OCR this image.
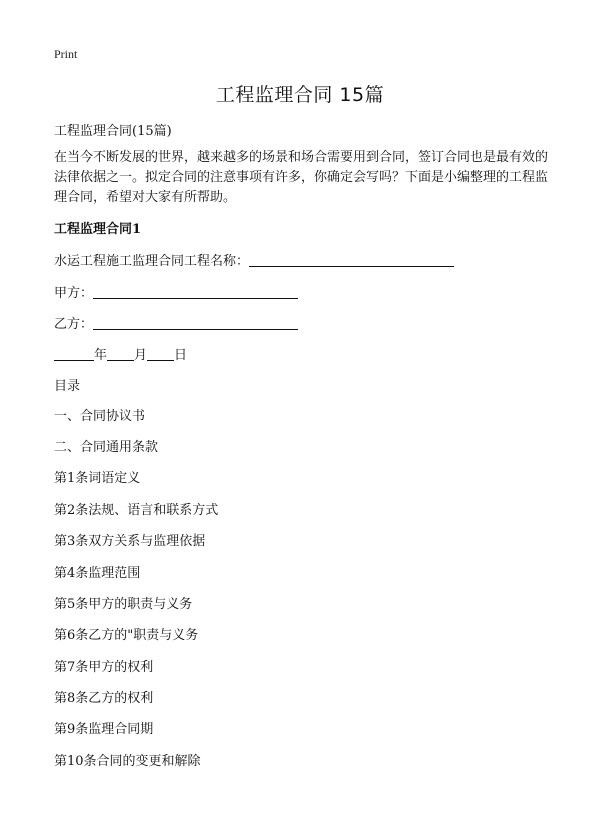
Print
工程监理合同 15篇
工程监理合同(15篇)
在当今不断发展的世界，越来越多的场景和场合需要用到合同，签订合同也是最有效的法律依据之一。拟定合同的注意事项有许多，你确定会写吗？下面是小编整理的工程监理合同，希望对大家有所帮助。
工程监理合同1
水运工程施工监理合同工程名称：
甲方：
乙方：
年 月 日
目录
一、合同协议书
二、合同通用条款
第1条词语定义
第2条法规、语言和联系方式
第3条双方关系与监理依据
第4条监理范围
第5条甲方的职责与义务
第6条乙方的"职责与义务
第7条甲方的权利
第8条乙方的权利
第9条监理合同期
第10条合同的变更和解除
